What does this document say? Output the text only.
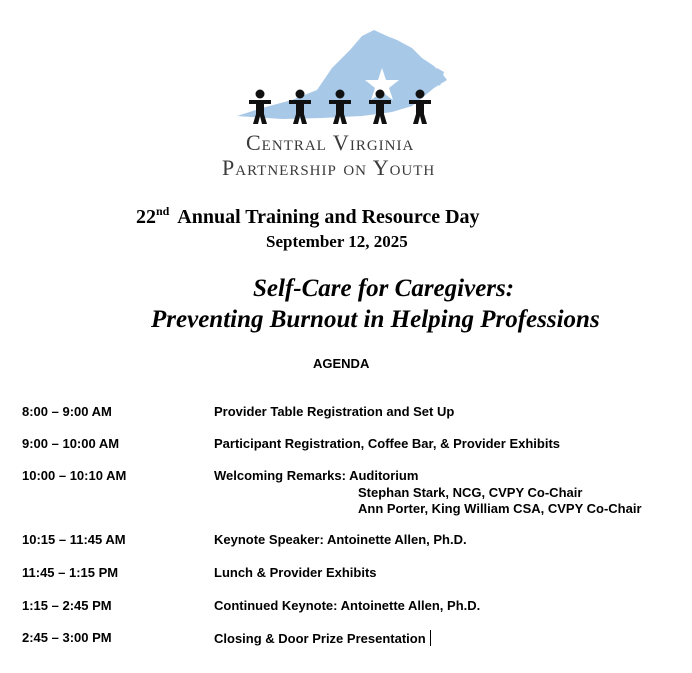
Central Virginia
Partnership on Youth
22nd Annual Training and Resource Day
September 12, 2025
Self-Care for Caregivers:
Preventing Burnout in Helping Professions
AGENDA
8:00 – 9:00 AM	Provider Table Registration and Set Up
9:00 – 10:00 AM	Participant Registration, Coffee Bar, & Provider Exhibits
10:00 – 10:10 AM	Welcoming Remarks: Auditorium
Stephan Stark, NCG, CVPY Co-Chair
Ann Porter, King William CSA, CVPY Co-Chair
10:15 – 11:45 AM	Keynote Speaker: Antoinette Allen, Ph.D.
11:45 – 1:15 PM	Lunch & Provider Exhibits
1:15 – 2:45 PM	Continued Keynote: Antoinette Allen, Ph.D.
2:45 – 3:00 PM	Closing & Door Prize Presentation
